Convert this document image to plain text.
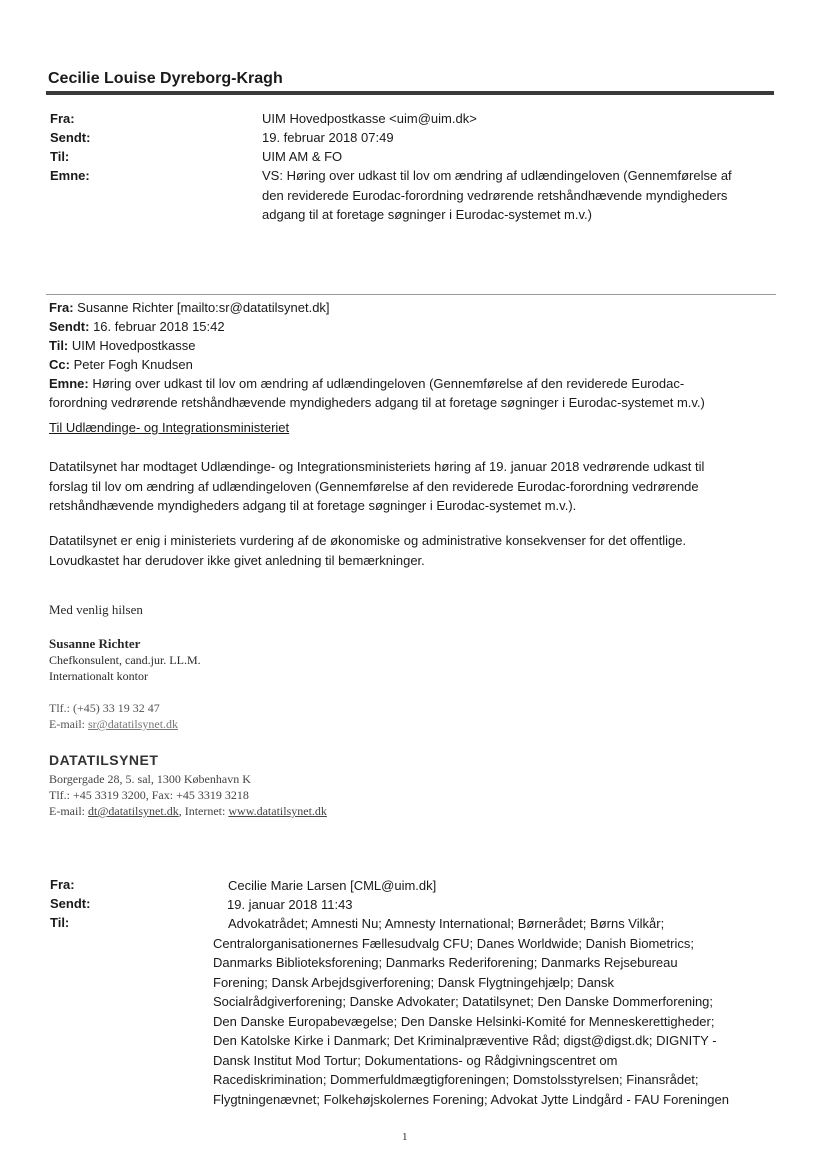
Cecilie Louise Dyreborg-Kragh
Fra:
Sendt:
Til:
Emne:
UIM Hovedpostkasse <uim@uim.dk>
19. februar 2018 07:49
UIM AM & FO
VS: Høring over udkast til lov om ændring af udlændingeloven (Gennemførelse af
den reviderede Eurodac-forordning vedrørende retshåndhævende myndigheders
adgang til at foretage søgninger i Eurodac-systemet m.v.)
Fra: Susanne Richter [mailto:sr@datatilsynet.dk]
Sendt: 16. februar 2018 15:42
Til: UIM Hovedpostkasse
Cc: Peter Fogh Knudsen
Emne: Høring over udkast til lov om ændring af udlændingeloven (Gennemførelse af den reviderede Eurodac-
forordning vedrørende retshåndhævende myndigheders adgang til at foretage søgninger i Eurodac-systemet m.v.)
Til Udlændinge- og Integrationsministeriet
Datatilsynet har modtaget Udlændinge- og Integrationsministeriets høring af 19. januar 2018 vedrørende udkast til
forslag til lov om ændring af udlændingeloven (Gennemførelse af den reviderede Eurodac-forordning vedrørende
retshåndhævende myndigheders adgang til at foretage søgninger i Eurodac-systemet m.v.).
Datatilsynet er enig i ministeriets vurdering af de økonomiske og administrative konsekvenser for det offentlige.
Lovudkastet har derudover ikke givet anledning til bemærkninger.
Med venlig hilsen
Susanne Richter
Chefkonsulent, cand.jur. LL.M.
Internationalt kontor
Tlf.: (+45) 33 19 32 47
E-mail: sr@datatilsynet.dk
DATATILSYNET
Borgergade 28, 5. sal, 1300 København K
Tlf.: +45 3319 3200, Fax: +45 3319 3218
E-mail: dt@datatilsynet.dk, Internet: www.datatilsynet.dk
Fra:
Sendt:
Til:
Cecilie Marie Larsen [CML@uim.dk]
19. januar 2018 11:43
Advokatrådet; Amnesti Nu; Amnesty International; Børnerådet; Børns Vilkår;
Centralorganisationernes Fællesudvalg CFU; Danes Worldwide; Danish Biometrics;
Danmarks Biblioteksforening; Danmarks Rederiforening; Danmarks Rejsebureau
Forening; Dansk Arbejdsgiverforening; Dansk Flygtningehjælp; Dansk
Socialrådgiverforening; Danske Advokater; Datatilsynet; Den Danske Dommerforening;
Den Danske Europabevægelse; Den Danske Helsinki-Komité for Menneskerettigheder;
Den Katolske Kirke i Danmark; Det Kriminalpræventive Råd; digst@digst.dk; DIGNITY -
Dansk Institut Mod Tortur; Dokumentations- og Rådgivningscentret om
Racediskrimination; Dommerfuldmægtigforeningen; Domstolsstyrelsen; Finansrådet;
Flygtningenævnet; Folkehøjskolernes Forening; Advokat Jytte Lindgård - FAU Foreningen
1
